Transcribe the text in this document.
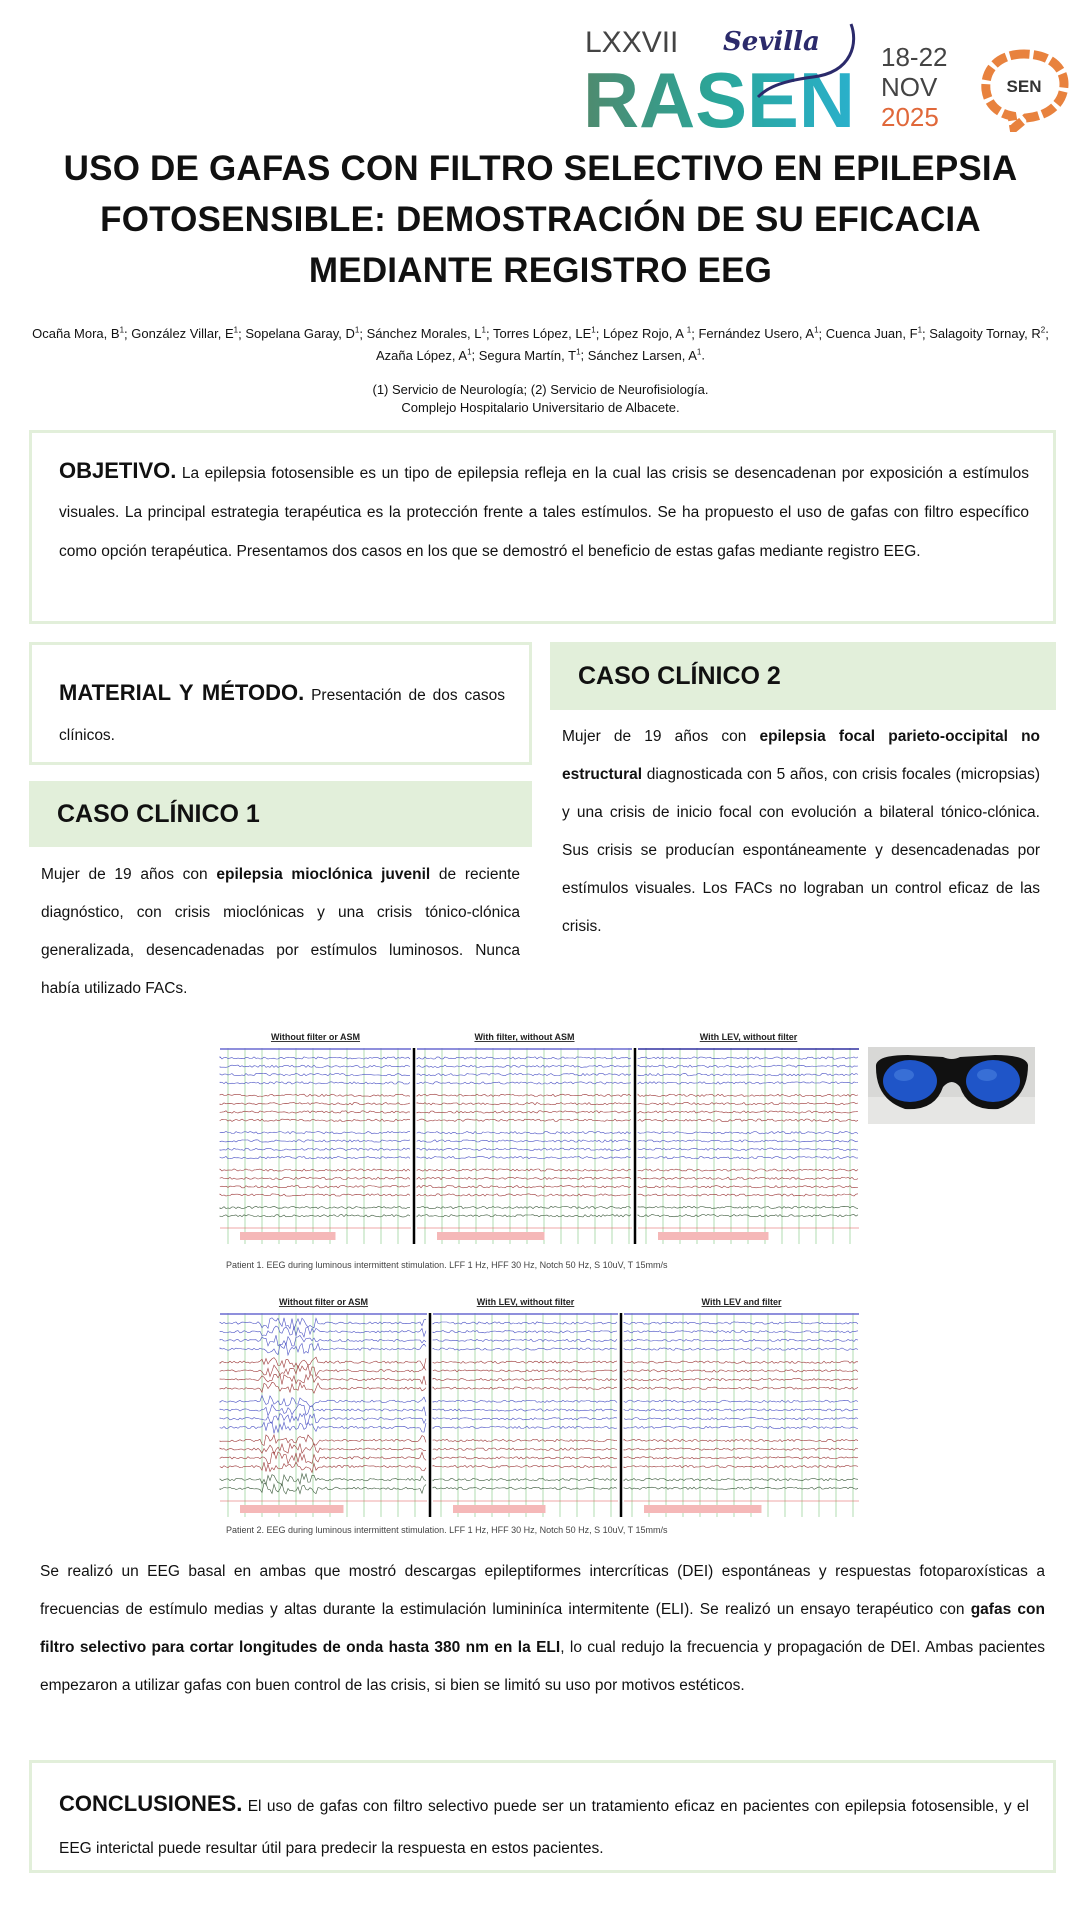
LXXVII
RASEN
Sevilla 18-22
NOV
2025
SEN
USO DE GAFAS CON FILTRO SELECTIVO EN EPILEPSIA FOTOSENSIBLE: DEMOSTRACIÓN DE SU EFICACIA MEDIANTE REGISTRO EEG
Ocaña Mora, $B^1$; González Villar, $E^1$; Sopelana Garay, $D^1$; Sánchez Morales, $L^1$; Torres López, $LE^1$; López Rojo, A $^1$; Fernández Usero, $A^1$; Cuenca Juan, $F^1$; Salagoity Tornay, $R^2$; Azaña López, $A^1$; Segura Martín, $T^1$; Sánchez Larsen, $A^1$.
(1) Servicio de Neurología; (2) Servicio de Neurofisiología.
Complejo Hospitalario Universitario de Albacete.
OBJETIVO. La epilepsia fotosensible es un tipo de epilepsia refleja en la cual las crisis se desencadenan por exposición a estímulos visuales. La principal estrategia terapéutica es la protección frente a tales estímulos. Se ha propuesto el uso de gafas con filtro específico como opción terapéutica. Presentamos dos casos en los que se demostró el beneficio de estas gafas mediante registro EEG.
MATERIAL Y MÉTODO. Presentación de dos casos clínicos.
CASO CLÍNICO 1
Mujer de 19 años con epilepsia mioclónica juvenil de reciente diagnóstico, con crisis mioclónicas y una crisis tónico-clónica generalizada, desencadenadas por estímulos luminosos. Nunca había utilizado FACs.
CASO CLÍNICO 2
Mujer de 19 años con epilepsia focal parieto-occipital no estructural diagnosticada con 5 años, con crisis focales (micropsias) y una crisis de inicio focal con evolución a bilateral tónico-clónica. Sus crisis se producían espontáneamente y desencadenadas por estímulos visuales. Los FACs no lograban un control eficaz de las crisis.
Without filter or ASM	With filter, without ASM	With LEV, without filter
Patient 1. EEG during luminous intermittent stimulation. LFF 1 Hz, HFF 30 Hz, Notch 50 Hz, S 10uV, T 15mm/s
Without filter or ASM	With LEV, without filter	With LEV and filter
Patient 2. EEG during luminous intermittent stimulation. LFF 1 Hz, HFF 30 Hz, Notch 50 Hz, S 10uV, T 15mm/s
Se realizó un EEG basal en ambas que mostró descargas epileptiformes intercríticas (DEI) espontáneas y respuestas fotoparoxísticas a frecuencias de estímulo medias y altas durante la estimulación lumininíca intermitente (ELI). Se realizó un ensayo terapéutico con gafas con filtro selectivo para cortar longitudes de onda hasta 380 nm en la ELI, lo cual redujo la frecuencia y propagación de DEI. Ambas pacientes empezaron a utilizar gafas con buen control de las crisis, si bien se limitó su uso por motivos estéticos.
CONCLUSIONES. El uso de gafas con filtro selectivo puede ser un tratamiento eficaz en pacientes con epilepsia fotosensible, y el EEG interictal puede resultar útil para predecir la respuesta en estos pacientes.
